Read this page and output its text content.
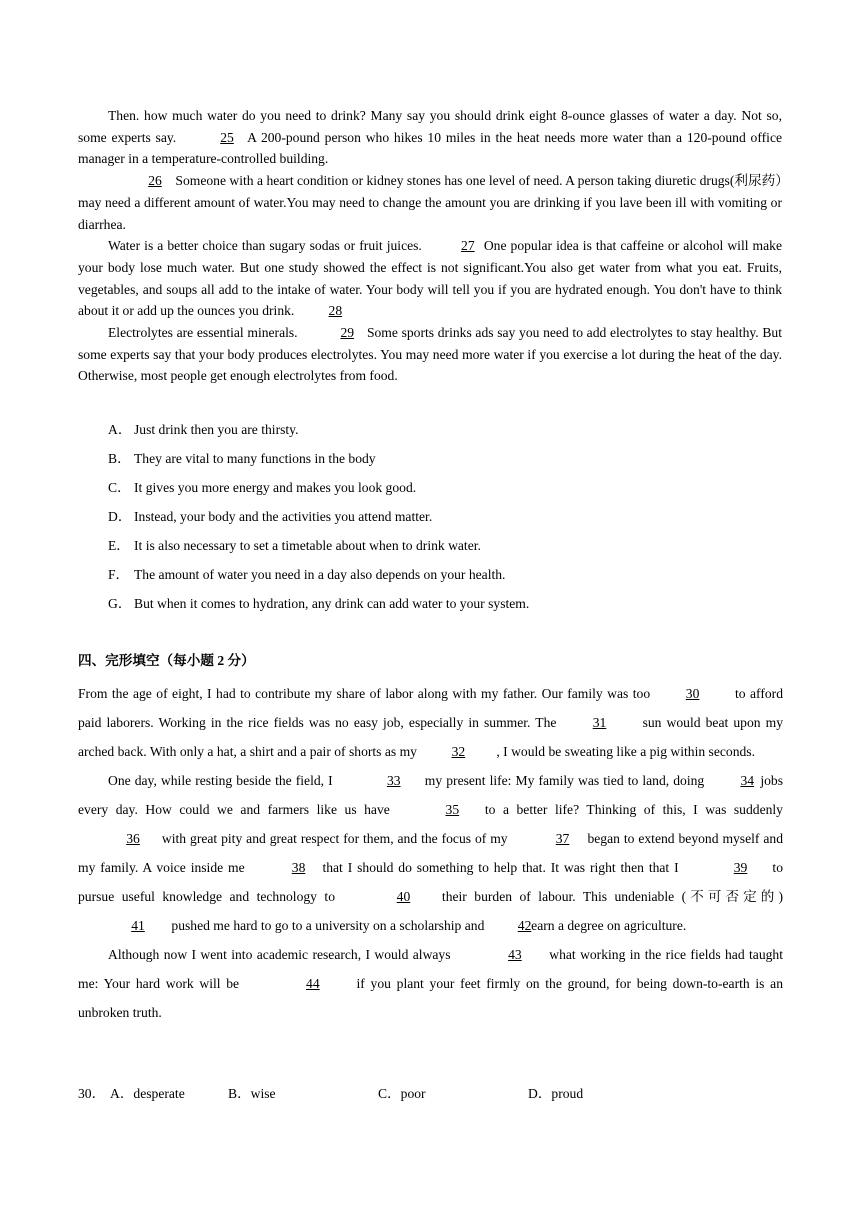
Then. how much water do you need to drink? Many say you should drink eight 8-ounce glasses of water a day. Not so, some experts say.	25 A 200-pound person who hikes 10 miles in the heat needs more water than a 120-pound office manager in a temperature-controlled building.

26 Someone with a heart condition or kidney stones has one level of need. A person taking diuretic drugs(利尿药）may need a different amount of water.You may need to change the amount you are drinking if you lave been ill with vomiting or diarrhea.

Water is a better choice than sugary sodas or fruit juices.	27 One popular idea is that caffeine or alcohol will make your body lose much water. But one study showed the effect is not significant.You also get water from what you eat. Fruits, vegetables, and soups all add to the intake of water. Your body will tell you if you are hydrated enough. You don't have to think about it or add up the ounces you drink.	28

Electrolytes are essential minerals.	29 Some sports drinks ads say you need to add electrolytes to stay healthy. But some experts say that your body produces electrolytes. You may need more water if you exercise a lot during the heat of the day. Otherwise, most people get enough electrolytes from food.

A． Just drink then you are thirsty.
B． They are vital to many functions in the body
C． It gives you more energy and makes you look good.
D． Instead, your body and the activities you attend matter.
E． It is also necessary to set a timetable about when to drink water.
F． The amount of water you need in a day also depends on your health.
G． But when it comes to hydration, any drink can add water to your system.
四、完形填空（每小题 2 分）

From the age of eight, I had to contribute my share of labor along with my father. Our family was too 30 to afford paid laborers. Working in the rice fields was no easy job, especially in summer. The 31 sun would beat upon my arched back. With only a hat, a shirt and a pair of shorts as my 32 , I would be sweating like a pig within seconds.

One day, while resting beside the field, I	33 my present life: My family was tied to land, doing 34 jobs every day. How could we and farmers like us have	35 to a better life? Thinking of this, I was suddenly 36 with great pity and great respect for them, and the focus of my	37 began to extend beyond myself and my family. A voice inside me	38 that I should do something to help that. It was right then that I	39 to pursue useful knowledge and technology to	40 their burden of labour. This undeniable (不可否定的) 41 pushed me hard to go to a university on a scholarship and 42 earn a degree on agriculture.

Although now I went into academic research, I would always	43 what working in the rice fields had taught me: Your hard work will be	44 if you plant your feet firmly on the ground, for being down-to-earth is an unbroken truth.

30． A．desperate	B．wise	C．poor	D．proud
